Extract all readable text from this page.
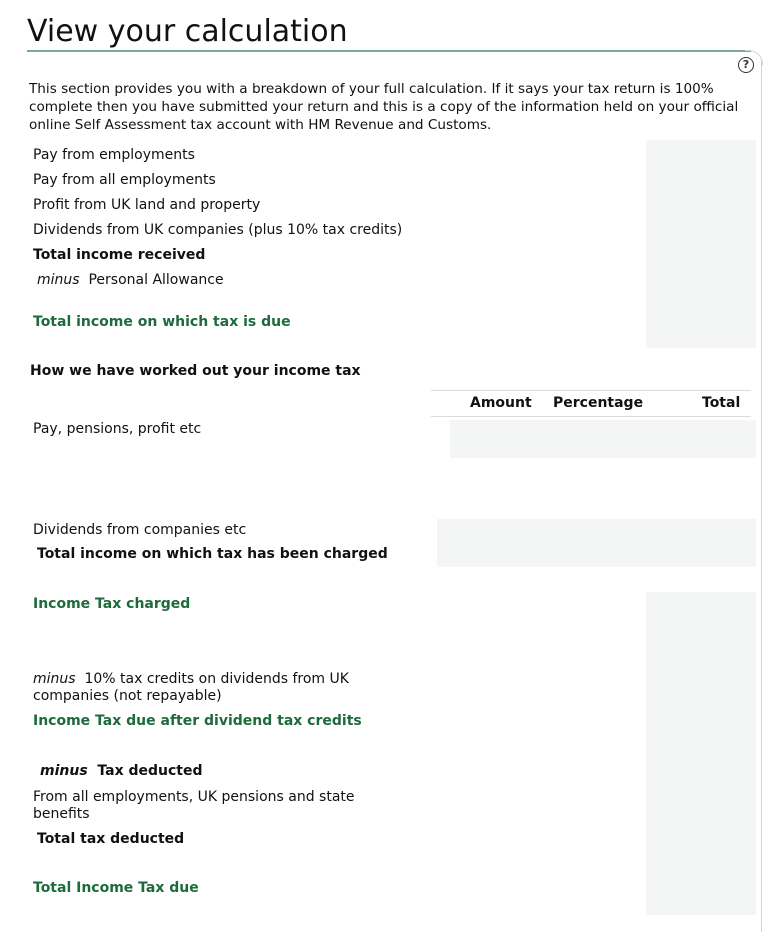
View your calculation
?

This section provides you with a breakdown of your full calculation. If it says your tax return is 100% complete then you have submitted your return and this is a copy of the information held on your official online Self Assessment tax account with HM Revenue and Customs.

Pay from employments
Pay from all employments
Profit from UK land and property
Dividends from UK companies (plus 10% tax credits)
Total income received
minus Personal Allowance
Total income on which tax is due
How we have worked out your income tax
Amount Percentage	Total
Pay, pensions, profit etc
Dividends from companies etc
Total income on which tax has been charged
Income Tax charged
minus 10% tax credits on dividends from UK companies (not repayable)
Income Tax due after dividend tax credits
minus Tax deducted
From all employments, UK pensions and state benefits
Total tax deducted
Total Income Tax due
